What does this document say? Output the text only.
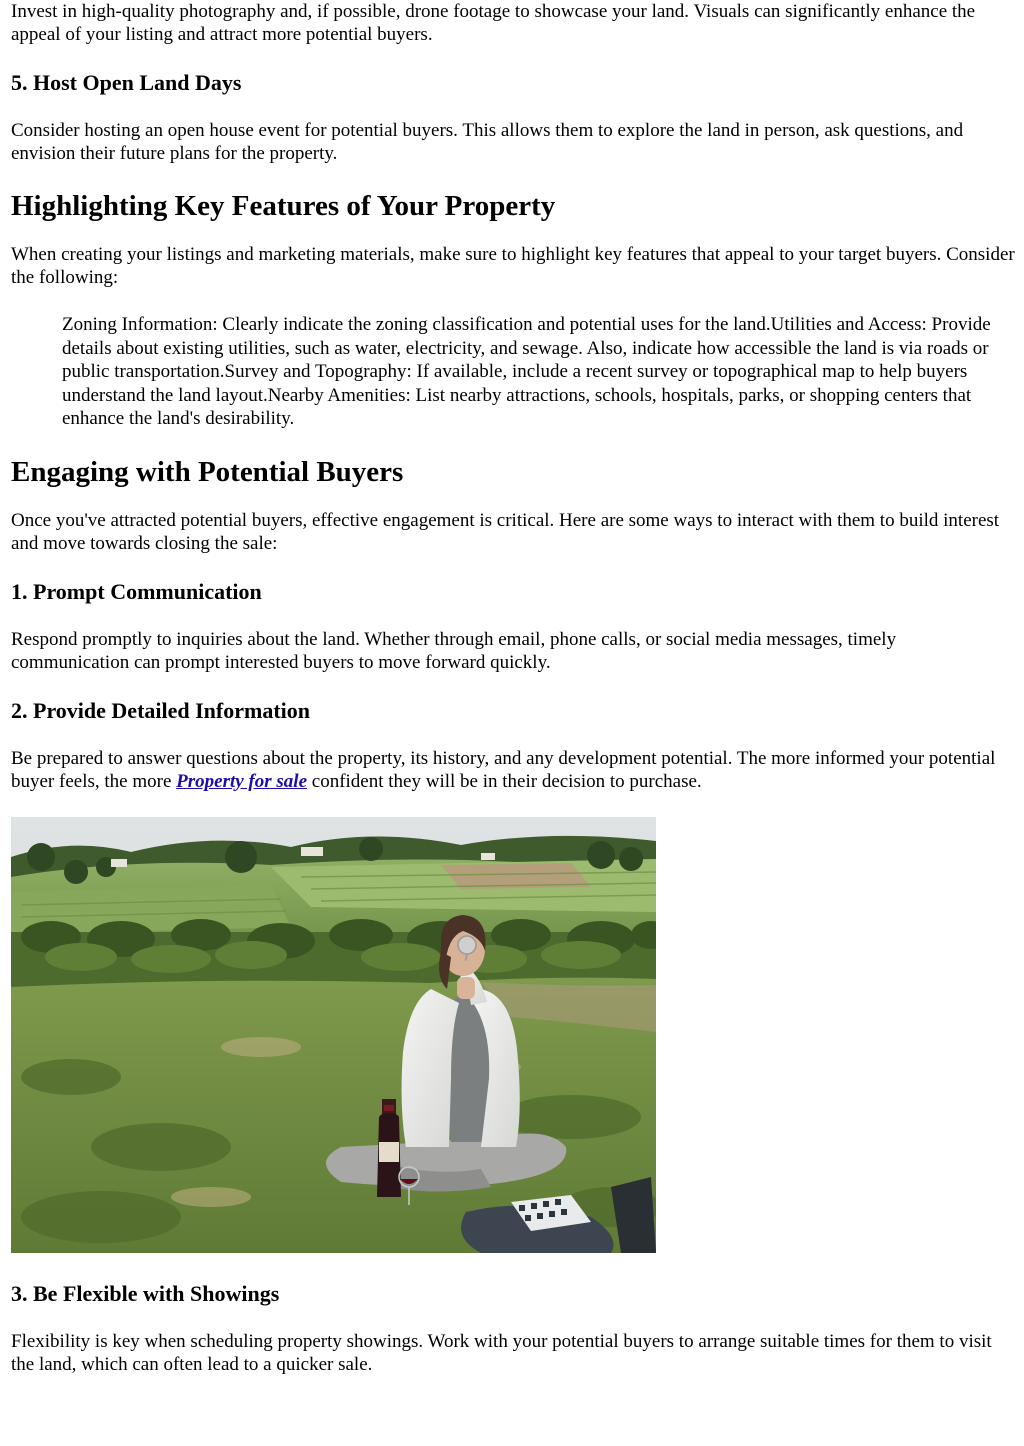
Invest in high-quality photography and, if possible, drone footage to showcase your land. Visuals can significantly enhance the appeal of your listing and attract more potential buyers.

5. Host Open Land Days

Consider hosting an open house event for potential buyers. This allows them to explore the land in person, ask questions, and envision their future plans for the property.

Highlighting Key Features of Your Property

When creating your listings and marketing materials, make sure to highlight key features that appeal to your target buyers. Consider the following:

Zoning Information: Clearly indicate the zoning classification and potential uses for the land.Utilities and Access: Provide details about existing utilities, such as water, electricity, and sewage. Also, indicate how accessible the land is via roads or public transportation.Survey and Topography: If available, include a recent survey or topographical map to help buyers understand the land layout.Nearby Amenities: List nearby attractions, schools, hospitals, parks, or shopping centers that enhance the land's desirability.
Engaging with Potential Buyers

Once you've attracted potential buyers, effective engagement is critical. Here are some ways to interact with them to build interest and move towards closing the sale:

1. Prompt Communication

Respond promptly to inquiries about the land. Whether through email, phone calls, or social media messages, timely communication can prompt interested buyers to move forward quickly.

2. Provide Detailed Information

Be prepared to answer questions about the property, its history, and any development potential. The more informed your potential buyer feels, the more Property for sale confident they will be in their decision to purchase.

3. Be Flexible with Showings

Flexibility is key when scheduling property showings. Work with your potential buyers to arrange suitable times for them to visit the land, which can often lead to a quicker sale.
